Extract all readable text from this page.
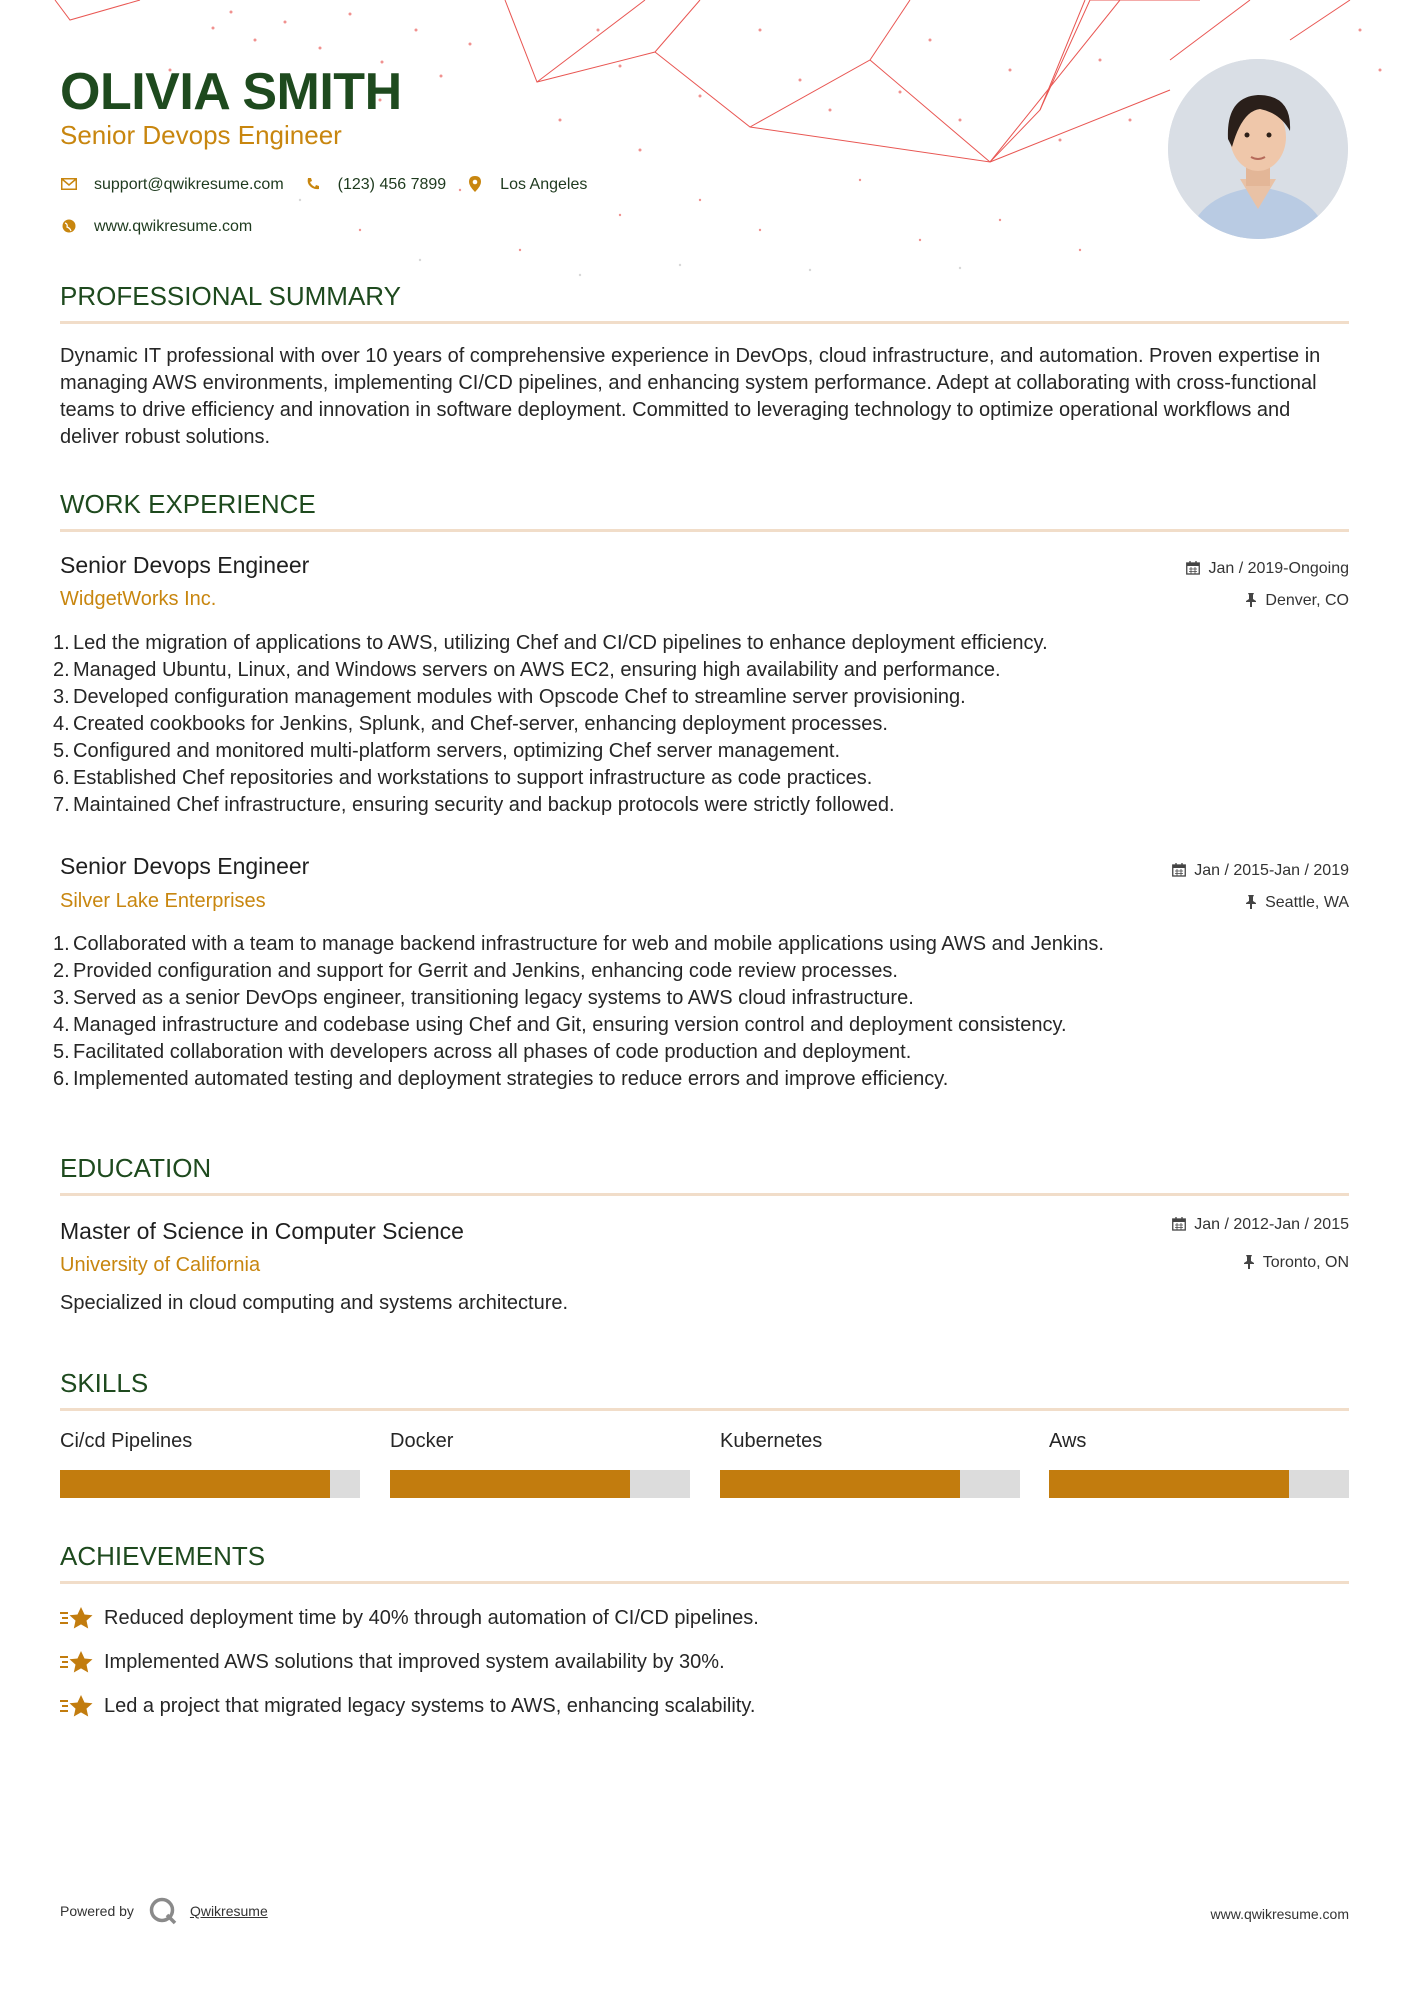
OLIVIA SMITH
Senior Devops Engineer
support@qwikresume.com	(123) 456 7899	Los Angeles
www.qwikresume.com
PROFESSIONAL SUMMARY

Dynamic IT professional with over 10 years of comprehensive experience in DevOps, cloud infrastructure, and automation. Proven expertise in managing AWS environments, implementing CI/CD pipelines, and enhancing system performance. Adept at collaborating with cross-functional teams to drive efficiency and innovation in software deployment. Committed to leveraging technology to optimize operational workflows and deliver robust solutions.

WORK EXPERIENCE
Senior Devops Engineer
WidgetWorks Inc.
Jan / 2019-Ongoing
Denver, CO
1. Led the migration of applications to AWS, utilizing Chef and CI/CD pipelines to enhance deployment efficiency.
2. Managed Ubuntu, Linux, and Windows servers on AWS EC2, ensuring high availability and performance.
3. Developed configuration management modules with Opscode Chef to streamline server provisioning.
4. Created cookbooks for Jenkins, Splunk, and Chef-server, enhancing deployment processes.
5. Configured and monitored multi-platform servers, optimizing Chef server management.
6. Established Chef repositories and workstations to support infrastructure as code practices.
7. Maintained Chef infrastructure, ensuring security and backup protocols were strictly followed.
Senior Devops Engineer
Silver Lake Enterprises
Jan / 2015-Jan / 2019
Seattle, WA
1. Collaborated with a team to manage backend infrastructure for web and mobile applications using AWS and Jenkins.
2. Provided configuration and support for Gerrit and Jenkins, enhancing code review processes.
3. Served as a senior DevOps engineer, transitioning legacy systems to AWS cloud infrastructure.
4. Managed infrastructure and codebase using Chef and Git, ensuring version control and deployment consistency.
5. Facilitated collaboration with developers across all phases of code production and deployment.
6. Implemented automated testing and deployment strategies to reduce errors and improve efficiency.
EDUCATION
Master of Science in Computer Science
University of California
Jan / 2012-Jan / 2015
Toronto, ON
Specialized in cloud computing and systems architecture.
SKILLS
Ci/cd Pipelines	Docker	Kubernetes	Aws
ACHIEVEMENTS
Reduced deployment time by 40% through automation of CI/CD pipelines.
Implemented AWS solutions that improved system availability by 30%.
Led a project that migrated legacy systems to AWS, enhancing scalability.
Powered by	Qwikresume	www.qwikresume.com
